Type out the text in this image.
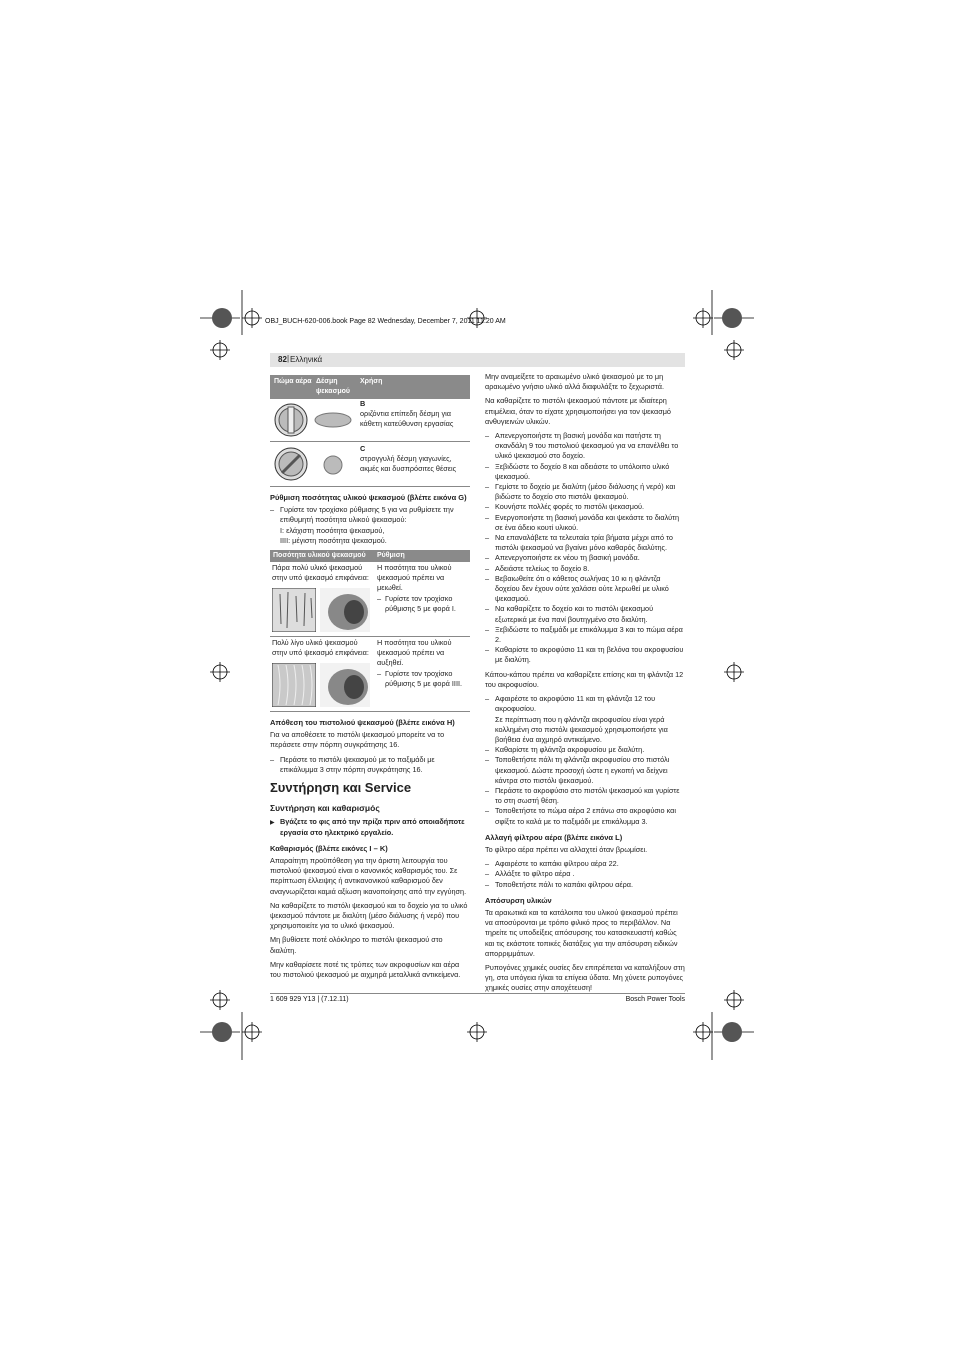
OBJ_BUCH-620-006.book Page 82 Wednesday, December 7, 2011 11:20 AM
82 | Ελληνικά
Πώμα αέρα Δέσμη ψεκασμού
Χρήση
B
οριζόντια επίπεδη δέσμη για κάθετη κατεύθυνση εργασίας
C
στρογγυλή δέσμη γιαγωνίες, ακμές και δυσπρόσιτες θέσεις
Ρύθμιση ποσότητας υλικού ψεκασμού (βλέπε εικόνα G)
– Γυρίστε τον τροχίσκο ρύθμισης 5 για να ρυθμίσετε την επιθυμητή ποσότητα υλικού ψεκασμού:
I: ελάχιστη ποσότητα ψεκασμού,
IIII: μέγιστη ποσότητα ψεκασμού.
Ποσότητα υλικού ψεκασμού Ρύθμιση
Πάρα πολύ υλικό ψεκασμού στην υπό ψεκασμό επιφάνεια:
Η ποσότητα του υλικού ψεκασμού πρέπει να μειωθεί.
– Γυρίστε τον τροχίσκο ρύθμισης 5 με φορά I.
Πολύ λίγο υλικό ψεκασμού στην υπό ψεκασμό επιφάνεια:
Η ποσότητα του υλικού ψεκασμού πρέπει να αυξηθεί.
– Γυρίστε τον τροχίσκο ρύθμισης 5 με φορά IIII.
Απόθεση του πιστολιού ψεκασμού (βλέπε εικόνα H)

Για να αποθέσετε το πιστόλι ψεκασμού μπορείτε να το περάσετε στην πόρπη συγκράτησης 16.

– Περάστε το πιστόλι ψεκασμού με το παξιμάδι με επικάλυμμα 3 στην πόρπη συγκράτησης 16.
Συντήρηση και Service
Συντήρηση και καθαρισμός
▶ Βγάζετε το φις από την πρίζα πριν από οποιαδήποτε εργασία στο ηλεκτρικό εργαλείο.
Καθαρισμός (βλέπε εικόνες I – K)

Απαραίτητη προϋπόθεση για την άριστη λειτουργία του πιστολιού ψεκασμού είναι ο κανονικός καθαρισμός του. Σε περίπτωση έλλειψης ή αντικανονικού καθαρισμού δεν αναγνωρίζεται καμιά αξίωση ικανοποίησης από την εγγύηση.

Να καθαρίζετε το πιστόλι ψεκασμού και το δοχείο για το υλικό ψεκασμού πάντοτε με διαλύτη (μέσο διάλυσης ή νερό) που χρησιμοποιείτε για το υλικό ψεκασμού.

Μη βυθίσετε ποτέ ολόκληρο το πιστόλι ψεκασμού στο διαλύτη.

Μην καθαρίσετε ποτέ τις τρύπες των ακροφυσίων και αέρα του πιστολιού ψεκασμού με αιχμηρά μεταλλικά αντικείμενα.

Μην αναμείξετε το αραιωμένο υλικό ψεκασμού με το μη αραιωμένο γνήσιο υλικό αλλά διαφυλάξτε το ξεχωριστά.

Να καθαρίζετε το πιστόλι ψεκασμού πάντοτε με ιδιαίτερη επιμέλεια, όταν το είχατε χρησιμοποιήσει για τον ψεκασμό ανθυγιεινών υλικών.

– Απενεργοποιήστε τη βασική μονάδα και πατήστε τη σκανδάλη 9 του πιστολιού ψεκασμού για να επανέλθει το υλικό ψεκασμού στο δοχείο.
– Ξεβιδώστε το δοχείο 8 και αδειάστε το υπόλοιπο υλικό ψεκασμού.
– Γεμίστε το δοχείο με διαλύτη (μέσο διάλυσης ή νερό) και βιδώστε το δοχείο στο πιστόλι ψεκασμού.
– Κουνήστε πολλές φορές το πιστόλι ψεκασμού.
– Ενεργοποιήστε τη βασική μονάδα και ψεκάστε το διαλύτη σε ένα άδειο κουτί υλικού.
– Να επαναλάβετε τα τελευταία τρία βήματα μέχρι από το πιστόλι ψεκασμού να βγαίνει μόνο καθαρός διαλύτης.
– Απενεργοποιήστε εκ νέου τη βασική μονάδα.
– Αδειάστε τελείως το δοχείο 8.
– Βεβαιωθείτε ότι ο κάθετος σωλήνας 10 κι η φλάντζα δοχείου δεν έχουν ούτε χαλάσει ούτε λερωθεί με υλικό ψεκασμού.
– Να καθαρίζετε το δοχείο και το πιστόλι ψεκασμού εξωτερικά με ένα πανί βουτηγμένο στο διαλύτη.
– Ξεβιδώστε το παξιμάδι με επικάλυμμα 3 και το πώμα αέρα 2.
– Καθαρίστε το ακροφύσιο 11 και τη βελόνα του ακροφυσίου με διαλύτη.

Κάπου-κάπου πρέπει να καθαρίζετε επίσης και τη φλάντζα 12 του ακροφυσίου.

– Αφαιρέστε το ακροφύσιο 11 και τη φλάντζα 12 του ακροφυσίου.
Σε περίπτωση που η φλάντζα ακροφυσίου είναι γερά κολλημένη στο πιστόλι ψεκασμού χρησιμοποιήστε για βοήθεια ένα αιχμηρό αντικείμενο.
– Καθαρίστε τη φλάντζα ακροφυσίου με διαλύτη.
– Τοποθετήστε πάλι τη φλάντζα ακροφυσίου στο πιστόλι ψεκασμού. Δώστε προσοχή ώστε η εγκοπή να δείχνει κάντρα στο πιστόλι ψεκασμού.
– Περάστε το ακροφύσιο στο πιστόλι ψεκασμού και γυρίστε το στη σωστή θέση.
– Τοποθετήστε το πώμα αέρα 2 επάνω στο ακροφύσιο και σφίξτε το καλά με το παξιμάδι με επικάλυμμα 3.
Αλλαγή φίλτρου αέρα (βλέπε εικόνα L)

Το φίλτρο αέρα πρέπει να αλλαχτεί όταν βρωμίσει.

– Αφαιρέστε το καπάκι φίλτρου αέρα 22.
– Αλλάξτε το φίλτρο αέρα .
– Τοποθετήστε πάλι το καπάκι φίλτρου αέρα.
Απόσυρση υλικών

Τα αραιωτικά και τα κατάλοιπα του υλικού ψεκασμού πρέπει να αποσύρονται με τρόπο φιλικό προς το περιβάλλον. Να τηρείτε τις υποδείξεις απόσυρσης του κατασκευαστή καθώς και τις εκάστοτε τοπικές διατάξεις για την απόσυρση ειδικών απορριμμάτων.

Ρυπογόνες χημικές ουσίες δεν επιτρέπεται να καταλήξουν στη γη, στα υπόγεια ή/και τα επίγεια ύδατα. Μη χύνετε ρυπογόνες χημικές ουσίες στην αποχέτευση!

1 609 929 Y13 | (7.12.11)	Bosch Power Tools
